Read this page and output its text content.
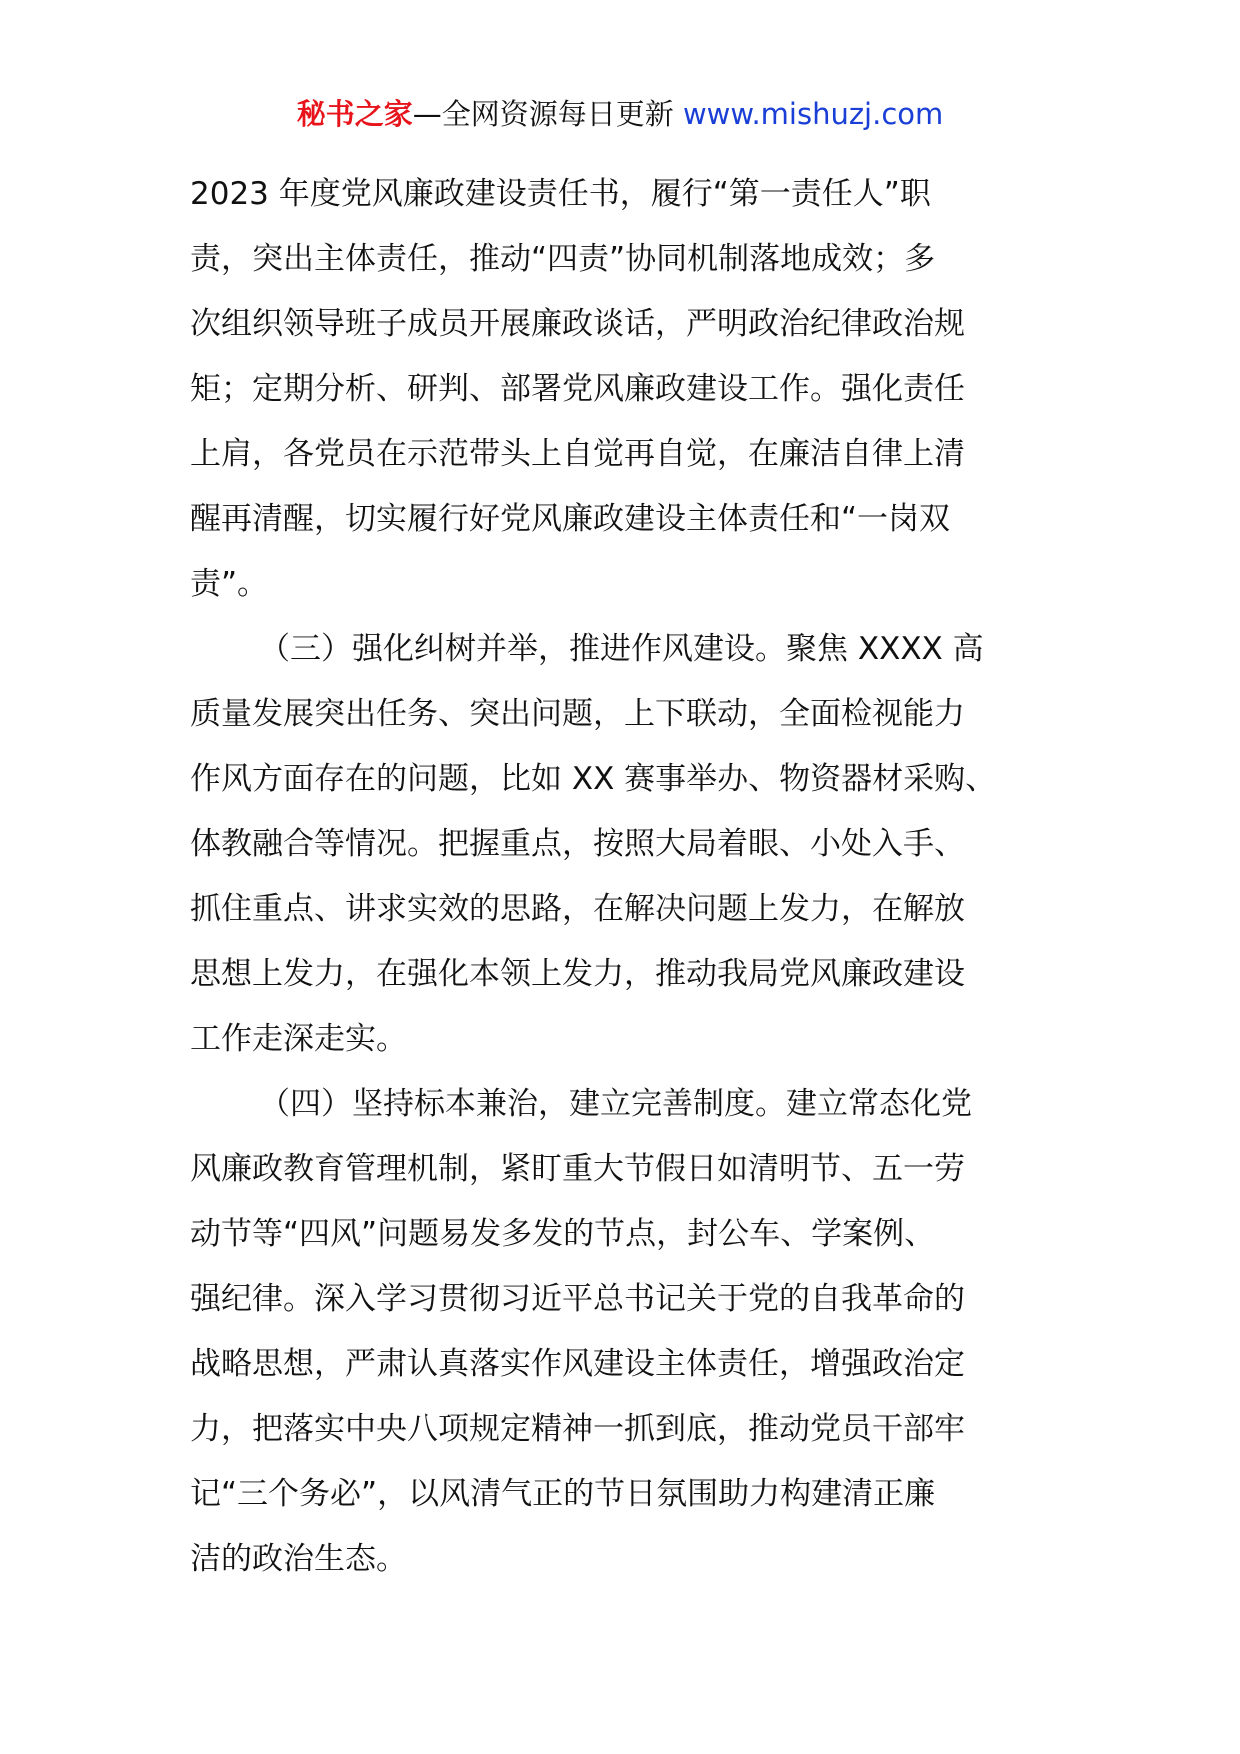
秘书之家—全网资源每日更新 www.mishuzj.com
2023 年度党风廉政建设责任书，履行“第一责任人”职
责，突出主体责任，推动“四责”协同机制落地成效；多
次组织领导班子成员开展廉政谈话，严明政治纪律政治规
矩；定期分析、研判、部署党风廉政建设工作。强化责任
上肩，各党员在示范带头上自觉再自觉，在廉洁自律上清
醒再清醒，切实履行好党风廉政建设主体责任和“一岗双
责”。
（三）强化纠树并举，推进作风建设。聚焦 XXXX 高
质量发展突出任务、突出问题，上下联动，全面检视能力
作风方面存在的问题，比如 XX 赛事举办、物资器材采购、
体教融合等情况。把握重点，按照大局着眼、小处入手、
抓住重点、讲求实效的思路，在解决问题上发力，在解放
思想上发力，在强化本领上发力，推动我局党风廉政建设
工作走深走实。
（四）坚持标本兼治，建立完善制度。建立常态化党
风廉政教育管理机制，紧盯重大节假日如清明节、五一劳
动节等“四风”问题易发多发的节点，封公车、学案例、
强纪律。深入学习贯彻习近平总书记关于党的自我革命的
战略思想，严肃认真落实作风建设主体责任，增强政治定
力，把落实中央八项规定精神一抓到底，推动党员干部牢
记“三个务必”，以风清气正的节日氛围助力构建清正廉
洁的政治生态。
